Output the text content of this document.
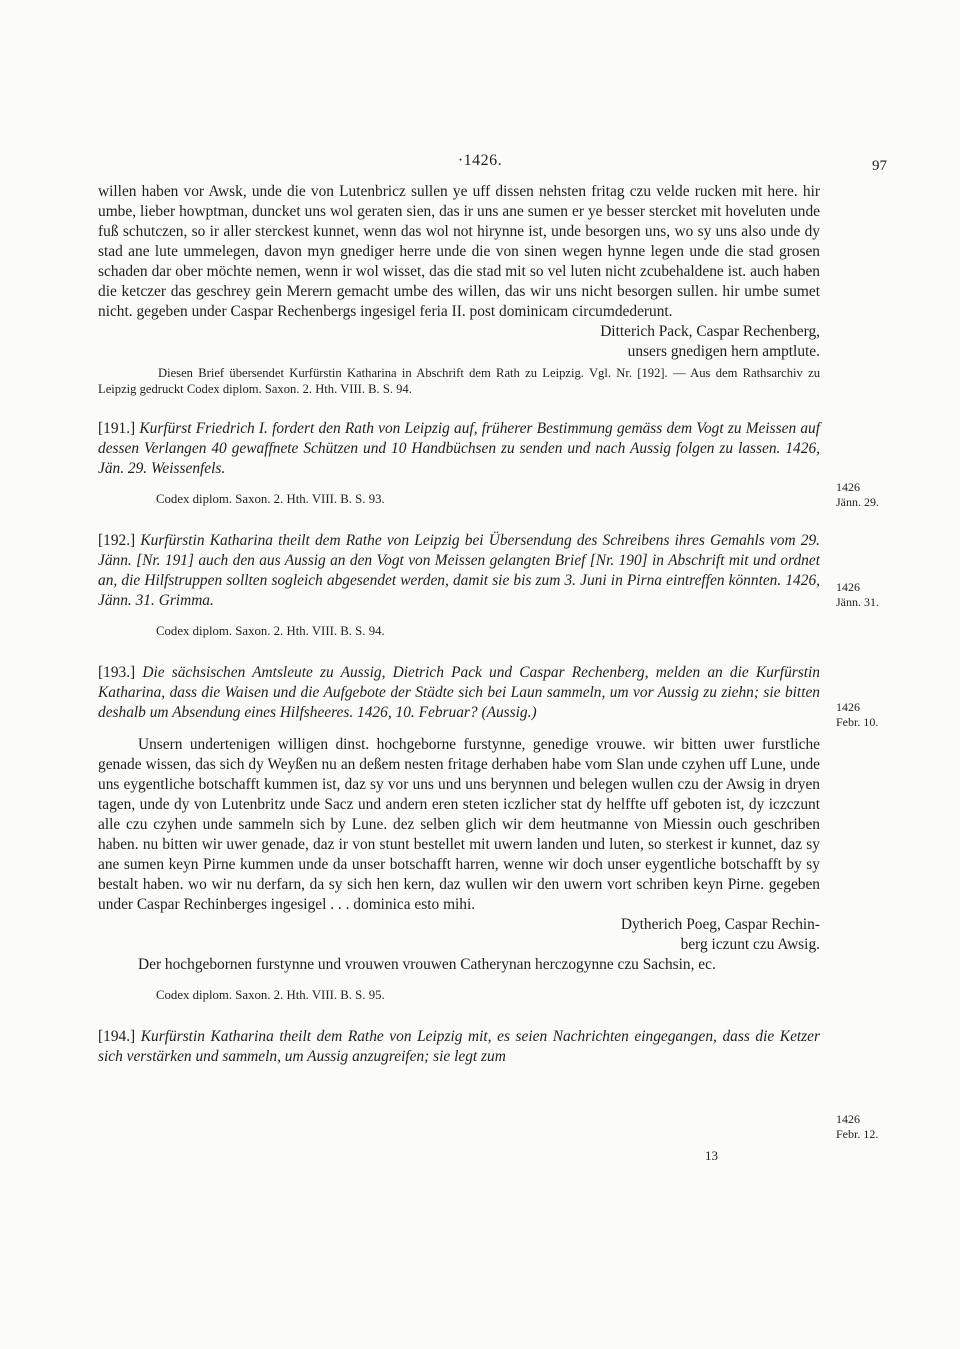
·1426.	97

willen haben vor Awsk, unde die von Lutenbricz sullen ye uff dissen nehsten fritag czu velde rucken mit here. hir umbe, lieber howptman, duncket uns wol geraten sien, das ir uns ane sumen er ye besser stercket mit hoveluten unde fuß schutczen, so ir aller sterckest kunnet, wenn das wol not hirynne ist, unde besorgen uns, wo sy uns also unde dy stad ane lute ummelegen, davon myn gnediger herre unde die von sinen wegen hynne legen unde die stad grosen schaden dar ober möchte nemen, wenn ir wol wisset, das die stad mit so vel luten nicht zcubehaldene ist. auch haben die ketczer das geschrey gein Merern gemacht umbe des willen, das wir uns nicht besorgen sullen. hir umbe sumet nicht. gegeben under Caspar Rechenbergs ingesigel feria II. post dominicam circumdederunt.

Ditterich Pack, Caspar Rechenberg,
unsers gnedigen hern amptlute.

Diesen Brief übersendet Kurfürstin Katharina in Abschrift dem Rath zu Leipzig. Vgl. Nr. [192]. — Aus dem Rathsarchiv zu Leipzig gedruckt Codex diplom. Saxon. 2. Hth. VIII. B. S. 94.

[191.] Kurfürst Friedrich I. fordert den Rath von Leipzig auf, früherer Bestimmung gemäss dem Vogt zu Meissen auf dessen Verlangen 40 gewaffnete Schützen und 10 Handbüchsen zu senden und nach Aussig folgen zu lassen. 1426, Jän. 29. Weissenfels.

Codex diplom. Saxon. 2. Hth. VIII. B. S. 93.

[192.] Kurfürstin Katharina theilt dem Rathe von Leipzig bei Übersendung des Schreibens ihres Gemahls vom 29. Jänn. [Nr. 191] auch den aus Aussig an den Vogt von Meissen gelangten Brief [Nr. 190] in Abschrift mit und ordnet an, die Hilfstruppen sollten sogleich abgesendet werden, damit sie bis zum 3. Juni in Pirna eintreffen könnten. 1426, Jänn. 31. Grimma.

Codex diplom. Saxon. 2. Hth. VIII. B. S. 94.

[193.] Die sächsischen Amtsleute zu Aussig, Dietrich Pack und Caspar Rechenberg, melden an die Kurfürstin Katharina, dass die Waisen und die Aufgebote der Städte sich bei Laun sammeln, um vor Aussig zu ziehn; sie bitten deshalb um Absendung eines Hilfsheeres. 1426, 10. Februar? (Aussig.)

Unsern undertenigen willigen dinst. hochgeborne furstynne, genedige vrouwe. wir bitten uwer furstliche genade wissen, das sich dy Weyßen nu an deßem nesten fritage derhaben habe vom Slan unde czyhen uff Lune, unde uns eygentliche botschafft kummen ist, daz sy vor uns und uns berynnen und belegen wullen czu der Awsig in dryen tagen, unde dy von Lutenbritz unde Sacz und andern eren steten iczlicher stat dy helffte uff geboten ist, dy iczczunt alle czu czyhen unde sammeln sich by Lune. dez selben glich wir dem heutmanne von Miessin ouch geschriben haben. nu bitten wir uwer genade, daz ir von stunt bestellet mit uwern landen und luten, so sterkest ir kunnet, daz sy ane sumen keyn Pirne kummen unde da unser botschafft harren, wenne wir doch unser eygentliche botschafft by sy bestalt haben. wo wir nu derfarn, da sy sich hen kern, daz wullen wir den uwern vort schriben keyn Pirne. gegeben under Caspar Rechinberges ingesigel . . . dominica esto mihi.

Dytherich Poeg, Caspar Rechin-
berg iczunt czu Awsig.

Der hochgebornen furstynne und vrouwen vrouwen Catherynan herczogynne czu Sachsin, ec.

Codex diplom. Saxon. 2. Hth. VIII. B. S. 95.

[194.] Kurfürstin Katharina theilt dem Rathe von Leipzig mit, es seien Nachrichten eingegangen, dass die Ketzer sich verstärken und sammeln, um Aussig anzugreifen; sie legt zum

1426
Jänn. 29.
1426
Jänn. 31.
1426
Febr. 10.
1426
Febr. 12.
13
